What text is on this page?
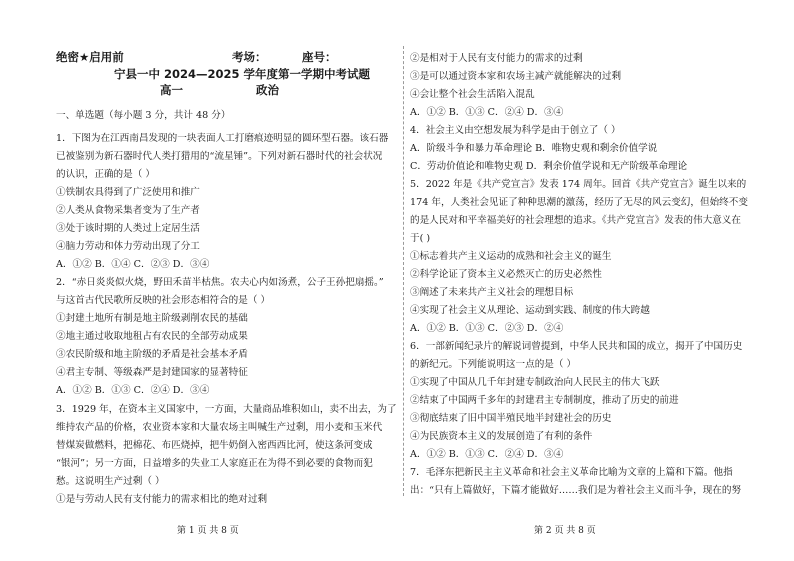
绝密★启用前	考场：	座号：
宁县一中 2024—2025 学年度第一学期中考试题
高一	政治
一、单选题（每小题 3 分，共计 48 分）
1．下图为在江西南昌发现的一块表面人工打磨痕迹明显的圆环型石器。该石器
已被鉴别为新石器时代人类打猎用的“流星锤”。下列对新石器时代的社会状况
的认识，正确的是（ ）
①铁制农具得到了广泛使用和推广
②人类从食物采集者变为了生产者
③处于该时期的人类过上定居生活
④脑力劳动和体力劳动出现了分工
A．①② B．①④ C．②③ D．③④
2．“赤日炎炎似火烧，野田禾苗半枯焦。农夫心内如汤煮，公子王孙把扇摇。”
与这首古代民歌所反映的社会形态相符合的是（ ）
①封建土地所有制是地主阶级剥削农民的基础
②地主通过收取地租占有农民的全部劳动成果
③农民阶级和地主阶级的矛盾是社会基本矛盾
④君主专制、等级森严是封建国家的显著特征
A．①② B．①③ C．②④ D．③④
3．1929 年，在资本主义国家中，一方面，大量商品堆积如山，卖不出去，为了
维持农产品的价格，农业资本家和大量农场主叫喊生产过剩，用小麦和玉米代
替煤炭做燃料，把棉花、布匹烧掉，把牛奶倒入密西西比河，使这条河变成
“银河”；另一方面，日益增多的失业工人家庭正在为得不到必要的食物而犯
愁。这说明生产过剩（ ）
①是与劳动人民有支付能力的需求相比的绝对过剩
②是相对于人民有支付能力的需求的过剩
③是可以通过资本家和农场主减产就能解决的过剩
④会让整个社会生活陷入混乱
A．①② B．①③ C．②④ D．③④
4．社会主义由空想发展为科学是由于创立了（ ）
A．阶级斗争和暴力革命理论 B．唯物史观和剩余价值学说
C．劳动价值论和唯物史观 D．剩余价值学说和无产阶级革命理论
5．2022 年是《共产党宣言》发表 174 周年。回首《共产党宣言》诞生以来的
174 年，人类社会见证了种种思潮的激荡，经历了无尽的风云变幻，但始终不变
的是人民对和平幸福美好的社会理想的追求。《共产党宣言》发表的伟大意义在
于( )
①标志着共产主义运动的成熟和社会主义的诞生
②科学论证了资本主义必然灭亡的历史必然性
③阐述了未来共产主义社会的理想目标
④实现了社会主义从理论、运动到实践、制度的伟大跨越
A．①② B．①③ C．②③ D．②④
6．一部新闻纪录片的解说词曾提到，中华人民共和国的成立，揭开了中国历史
的新纪元。下列能说明这一点的是（ ）
①实现了中国从几千年封建专制政治向人民民主的伟大飞跃
②结束了中国两千多年的封建君主专制制度，推动了历史的前进
③彻底结束了旧中国半殖民地半封建社会的历史
④为民族资本主义的发展创造了有利的条件
A．①② B．①③ C．②④ D．③④
7．毛泽东把新民主主义革命和社会主义革命比喻为文章的上篇和下篇。他指
出：“只有上篇做好，下篇才能做好……我们是为着社会主义而斗争，现在的努
第 1 页 共 8 页	第 2 页 共 8 页
